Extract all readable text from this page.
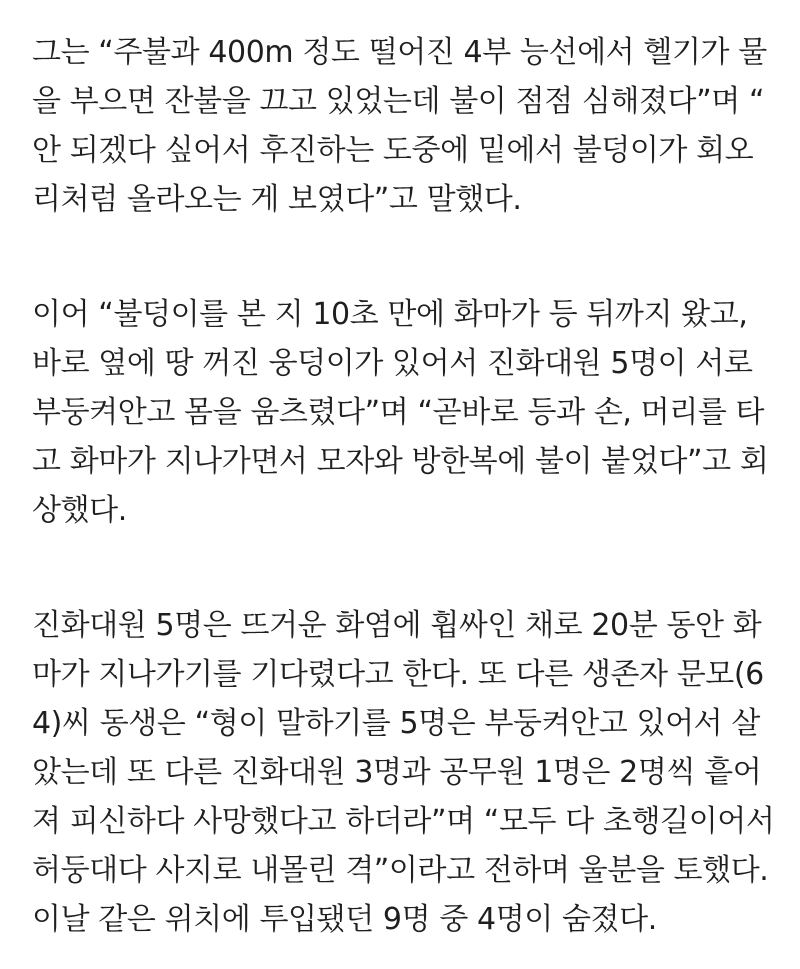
그는 “주불과 400m 정도 떨어진 4부 능선에서 헬기가 물
을 부으면 잔불을 끄고 있었는데 불이 점점 심해졌다”며 “
안 되겠다 싶어서 후진하는 도중에 밑에서 불덩이가 회오
리처럼 올라오는 게 보였다”고 말했다.

이어 “불덩이를 본 지 10초 만에 화마가 등 뒤까지 왔고,
바로 옆에 땅 꺼진 웅덩이가 있어서 진화대원 5명이 서로
부둥켜안고 몸을 움츠렸다”며 “곧바로 등과 손, 머리를 타
고 화마가 지나가면서 모자와 방한복에 불이 붙었다”고 회
상했다.

진화대원 5명은 뜨거운 화염에 휩싸인 채로 20분 동안 화
마가 지나가기를 기다렸다고 한다. 또 다른 생존자 문모(6
4)씨 동생은 “형이 말하기를 5명은 부둥켜안고 있어서 살
았는데 또 다른 진화대원 3명과 공무원 1명은 2명씩 흩어
져 피신하다 사망했다고 하더라”며 “모두 다 초행길이어서
허둥대다 사지로 내몰린 격”이라고 전하며 울분을 토했다.
이날 같은 위치에 투입됐던 9명 중 4명이 숨졌다.
